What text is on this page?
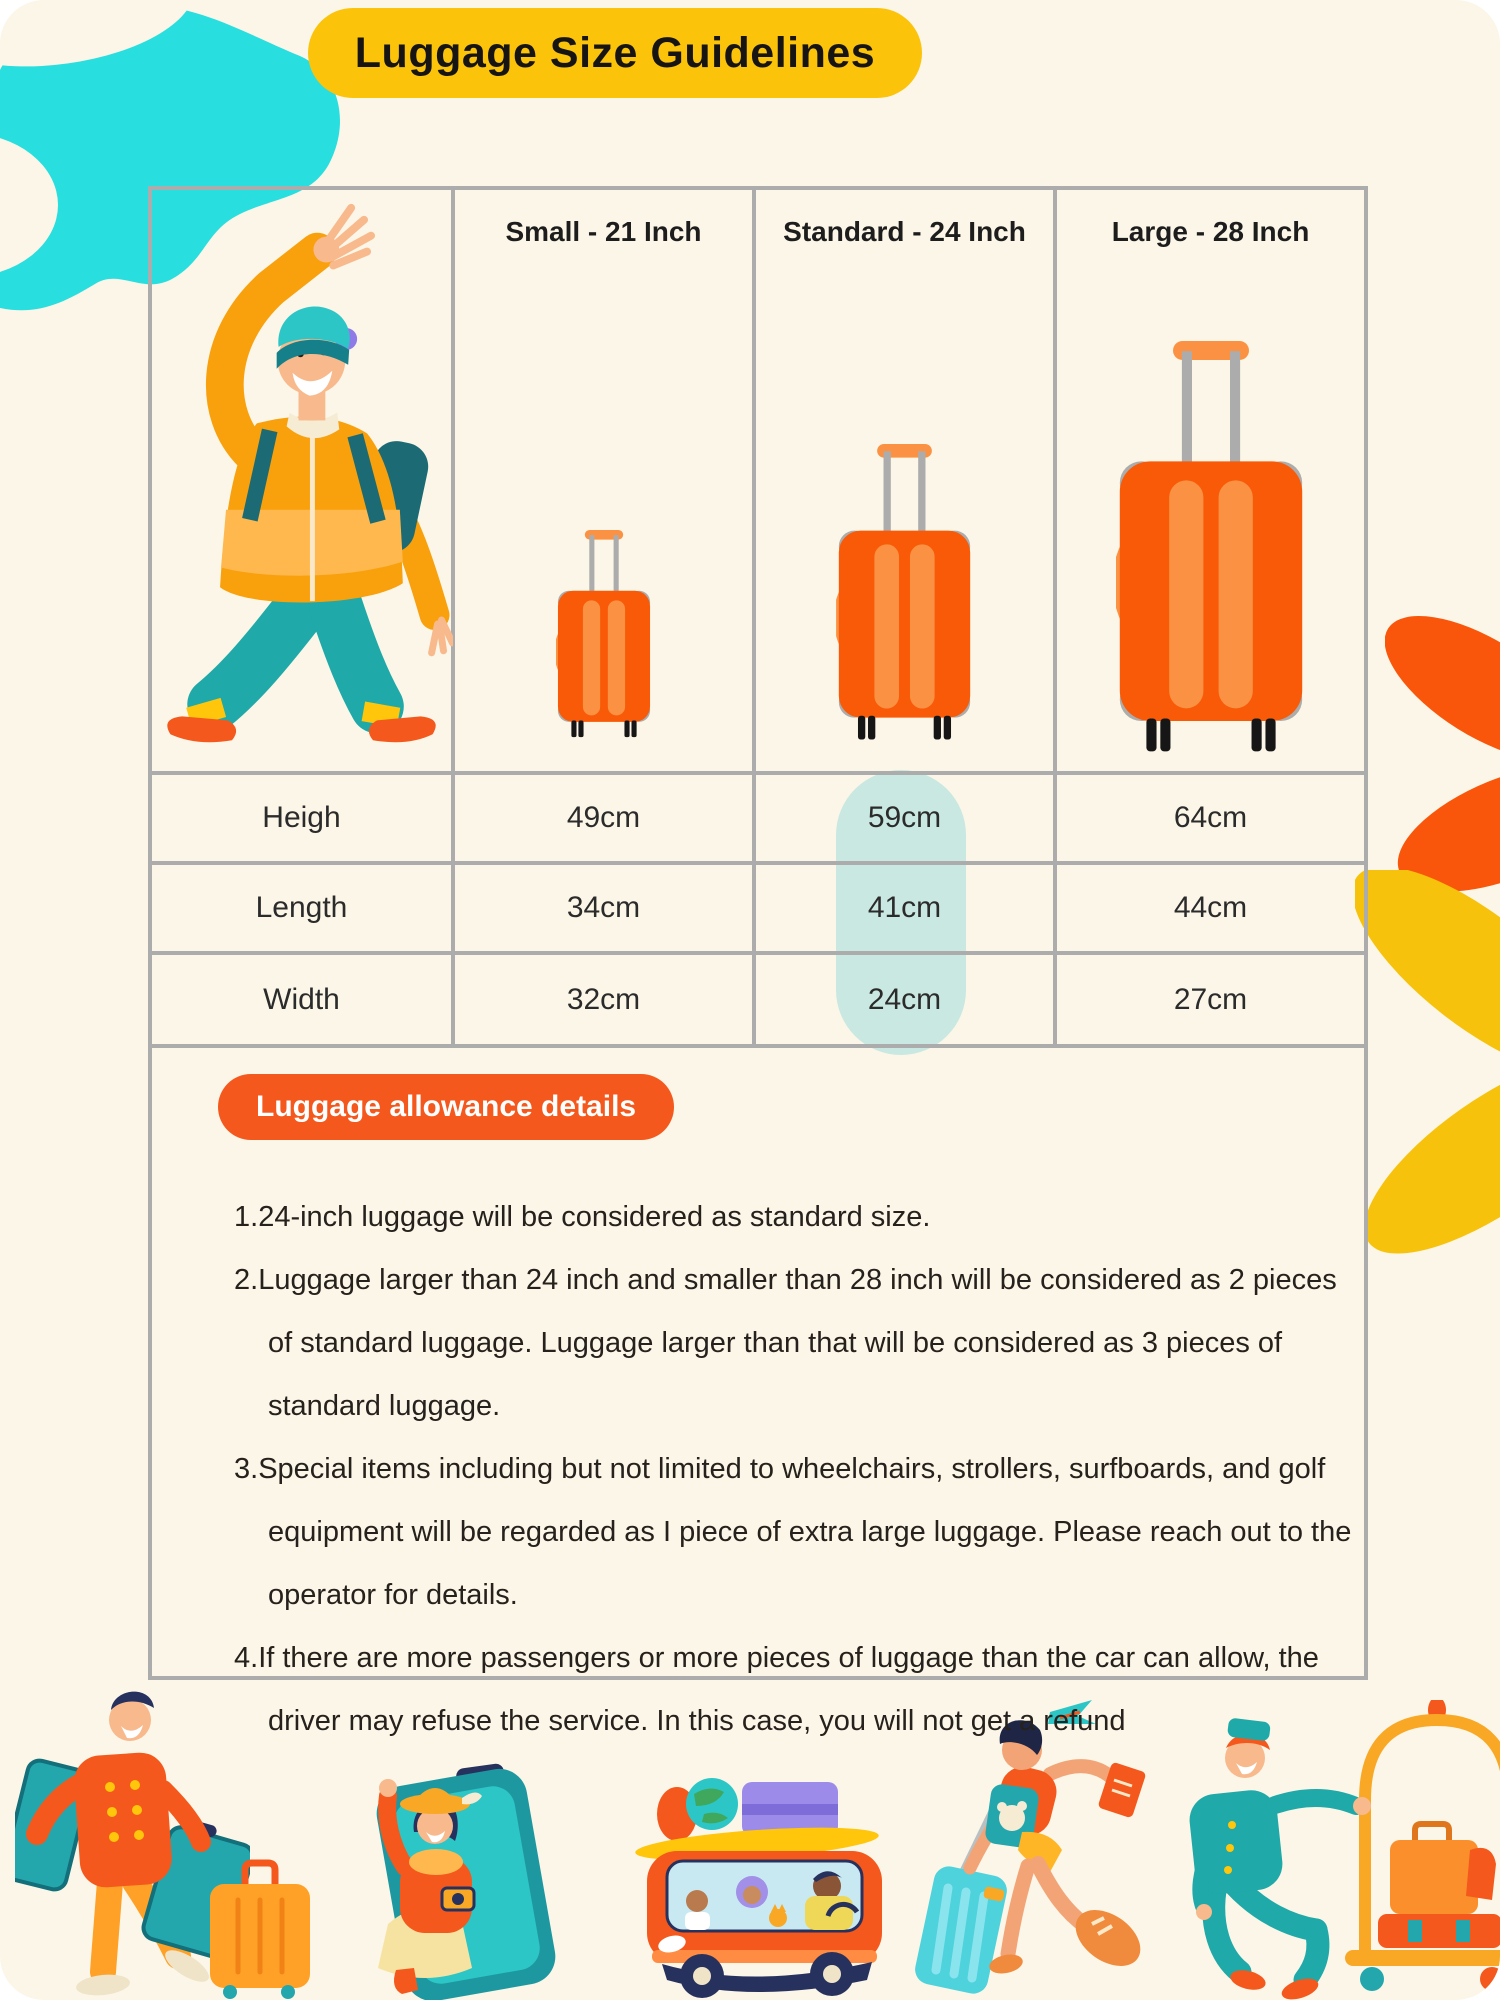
Luggage Size Guidelines
Small - 21 Inch	Standard - 24 Inch	Large - 28 Inch
Heigh	49cm	59cm	64cm
Length	34cm	41cm	44cm
Width	32cm	24cm	27cm
Luggage allowance details
1.24-inch luggage will be considered as standard size.
2.Luggage larger than 24 inch and smaller than 28 inch will be considered as 2 pieces of standard luggage. Luggage larger than that will be considered as 3 pieces of standard luggage.
3.Special items including but not limited to wheelchairs, strollers, surfboards, and golf equipment will be regarded as I piece of extra large luggage. Please reach out to the operator for details.
4.If there are more passengers or more pieces of luggage than the car can allow, the driver may refuse the service. In this case, you will not get a refund
